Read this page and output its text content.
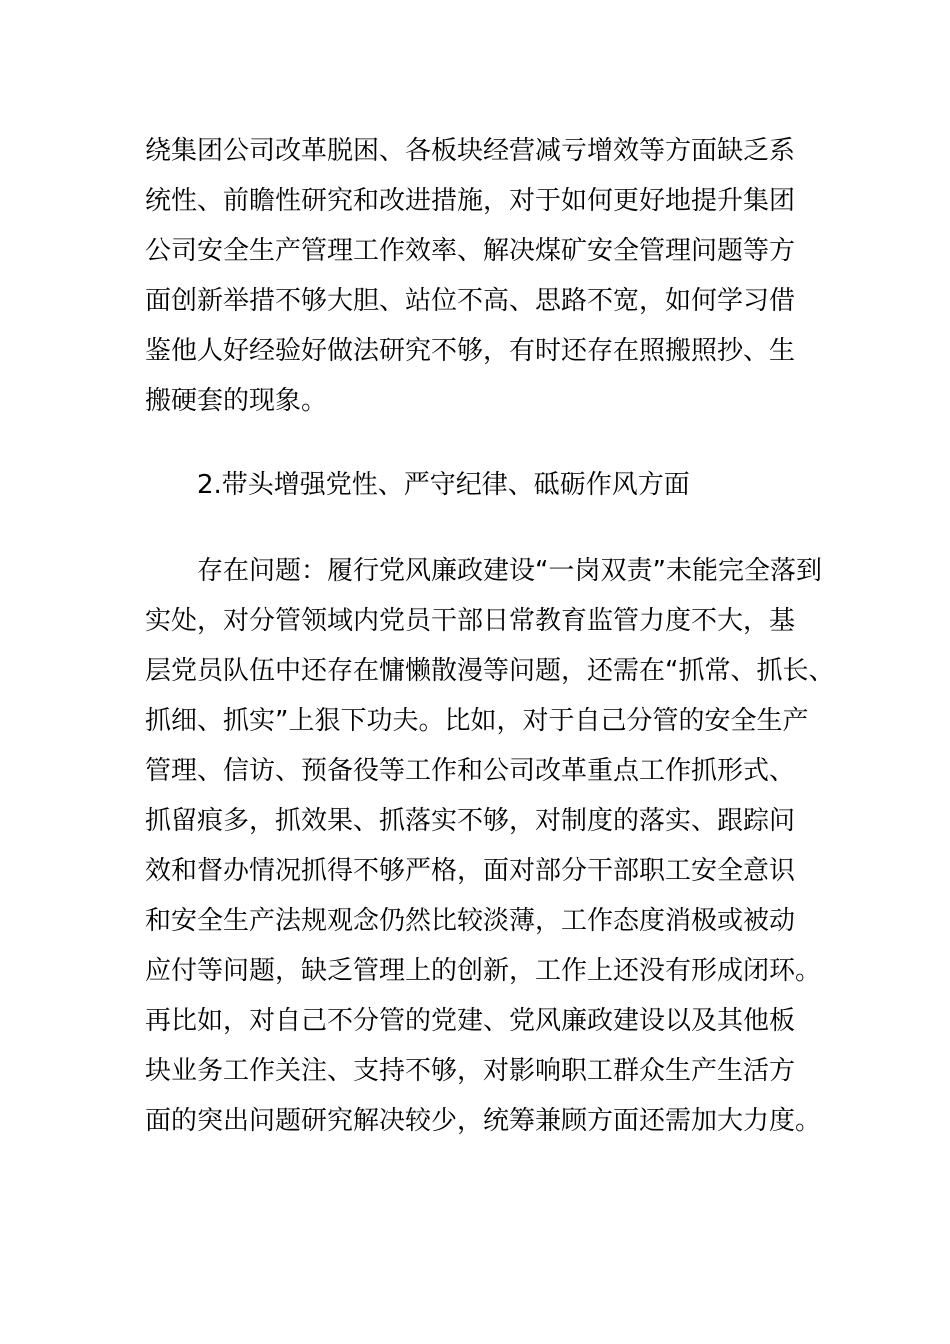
绕集团公司改革脱困、各板块经营减亏增效等方面缺乏系
统性、前瞻性研究和改进措施，对于如何更好地提升集团
公司安全生产管理工作效率、解决煤矿安全管理问题等方
面创新举措不够大胆、站位不高、思路不宽，如何学习借
鉴他人好经验好做法研究不够，有时还存在照搬照抄、生
搬硬套的现象。
　　2.带头增强党性、严守纪律、砥砺作风方面
　　存在问题：履行党风廉政建设“一岗双责”未能完全落到
实处，对分管领域内党员干部日常教育监管力度不大，基
层党员队伍中还存在慵懒散漫等问题，还需在“抓常、抓长、
抓细、抓实”上狠下功夫。比如，对于自己分管的安全生产
管理、信访、预备役等工作和公司改革重点工作抓形式、
抓留痕多，抓效果、抓落实不够，对制度的落实、跟踪问
效和督办情况抓得不够严格，面对部分干部职工安全意识
和安全生产法规观念仍然比较淡薄，工作态度消极或被动
应付等问题，缺乏管理上的创新，工作上还没有形成闭环。
再比如，对自己不分管的党建、党风廉政建设以及其他板
块业务工作关注、支持不够，对影响职工群众生产生活方
面的突出问题研究解决较少，统筹兼顾方面还需加大力度。
